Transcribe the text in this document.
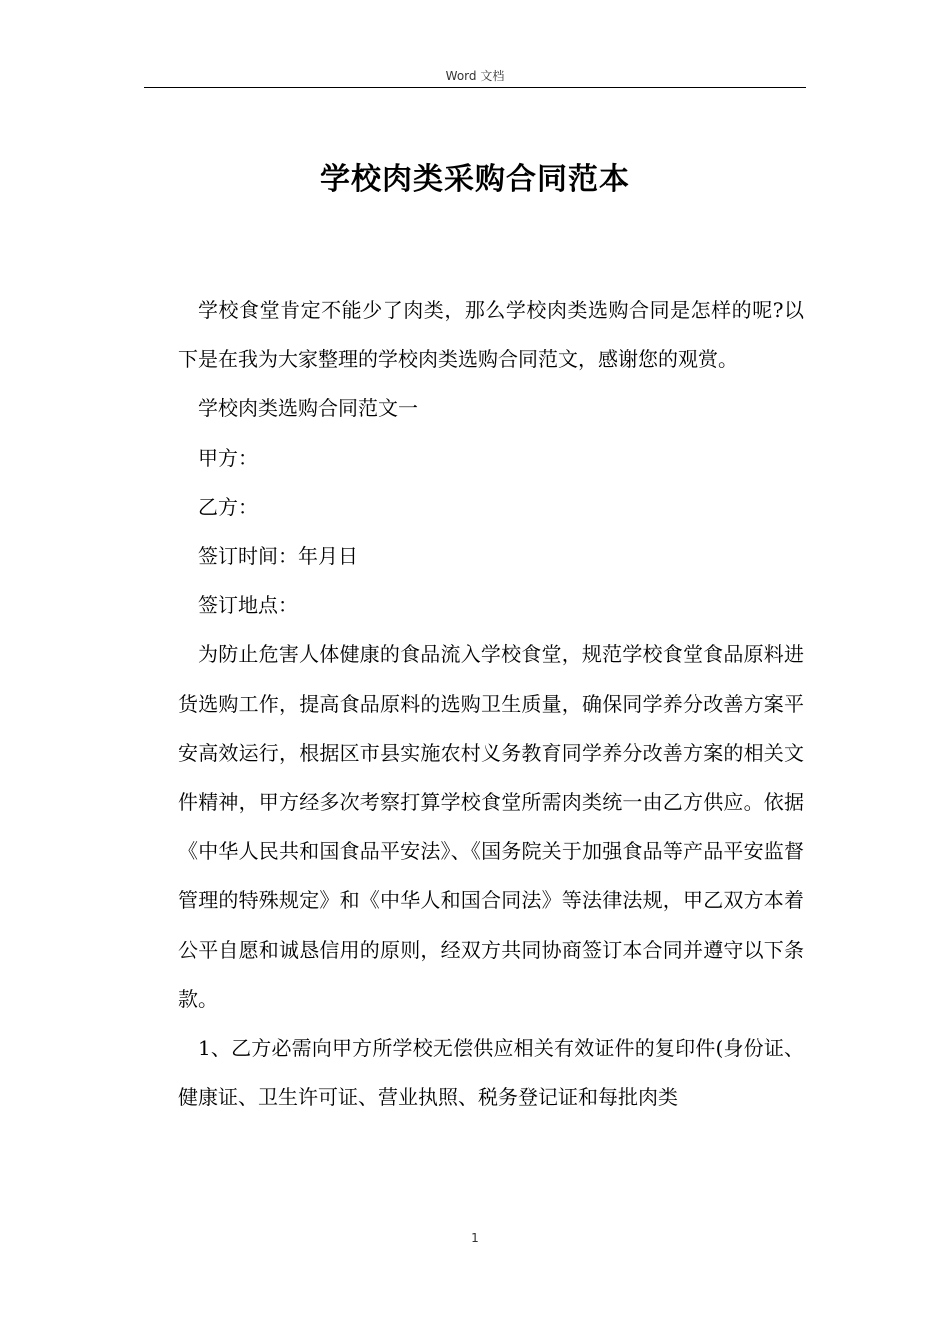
Word 文档
学校肉类采购合同范本

学校食堂肯定不能少了肉类，那么学校肉类选购合同是怎样的呢?以下是在我为大家整理的学校肉类选购合同范文，感谢您的观赏。

学校肉类选购合同范文一

甲方：

乙方：

签订时间：年月日

签订地点：

为防止危害人体健康的食品流入学校食堂，规范学校食堂食品原料进货选购工作，提高食品原料的选购卫生质量，确保同学养分改善方案平安高效运行，根据区市县实施农村义务教育同学养分改善方案的相关文件精神，甲方经多次考察打算学校食堂所需肉类统一由乙方供应。依据《中华人民共和国食品平安法》、《国务院关于加强食品等产品平安监督管理的特殊规定》和《中华人和国合同法》等法律法规，甲乙双方本着公平自愿和诚恳信用的原则，经双方共同协商签订本合同并遵守以下条款。

1、乙方必需向甲方所学校无偿供应相关有效证件的复印件(身份证、健康证、卫生许可证、营业执照、税务登记证和每批肉类

1
